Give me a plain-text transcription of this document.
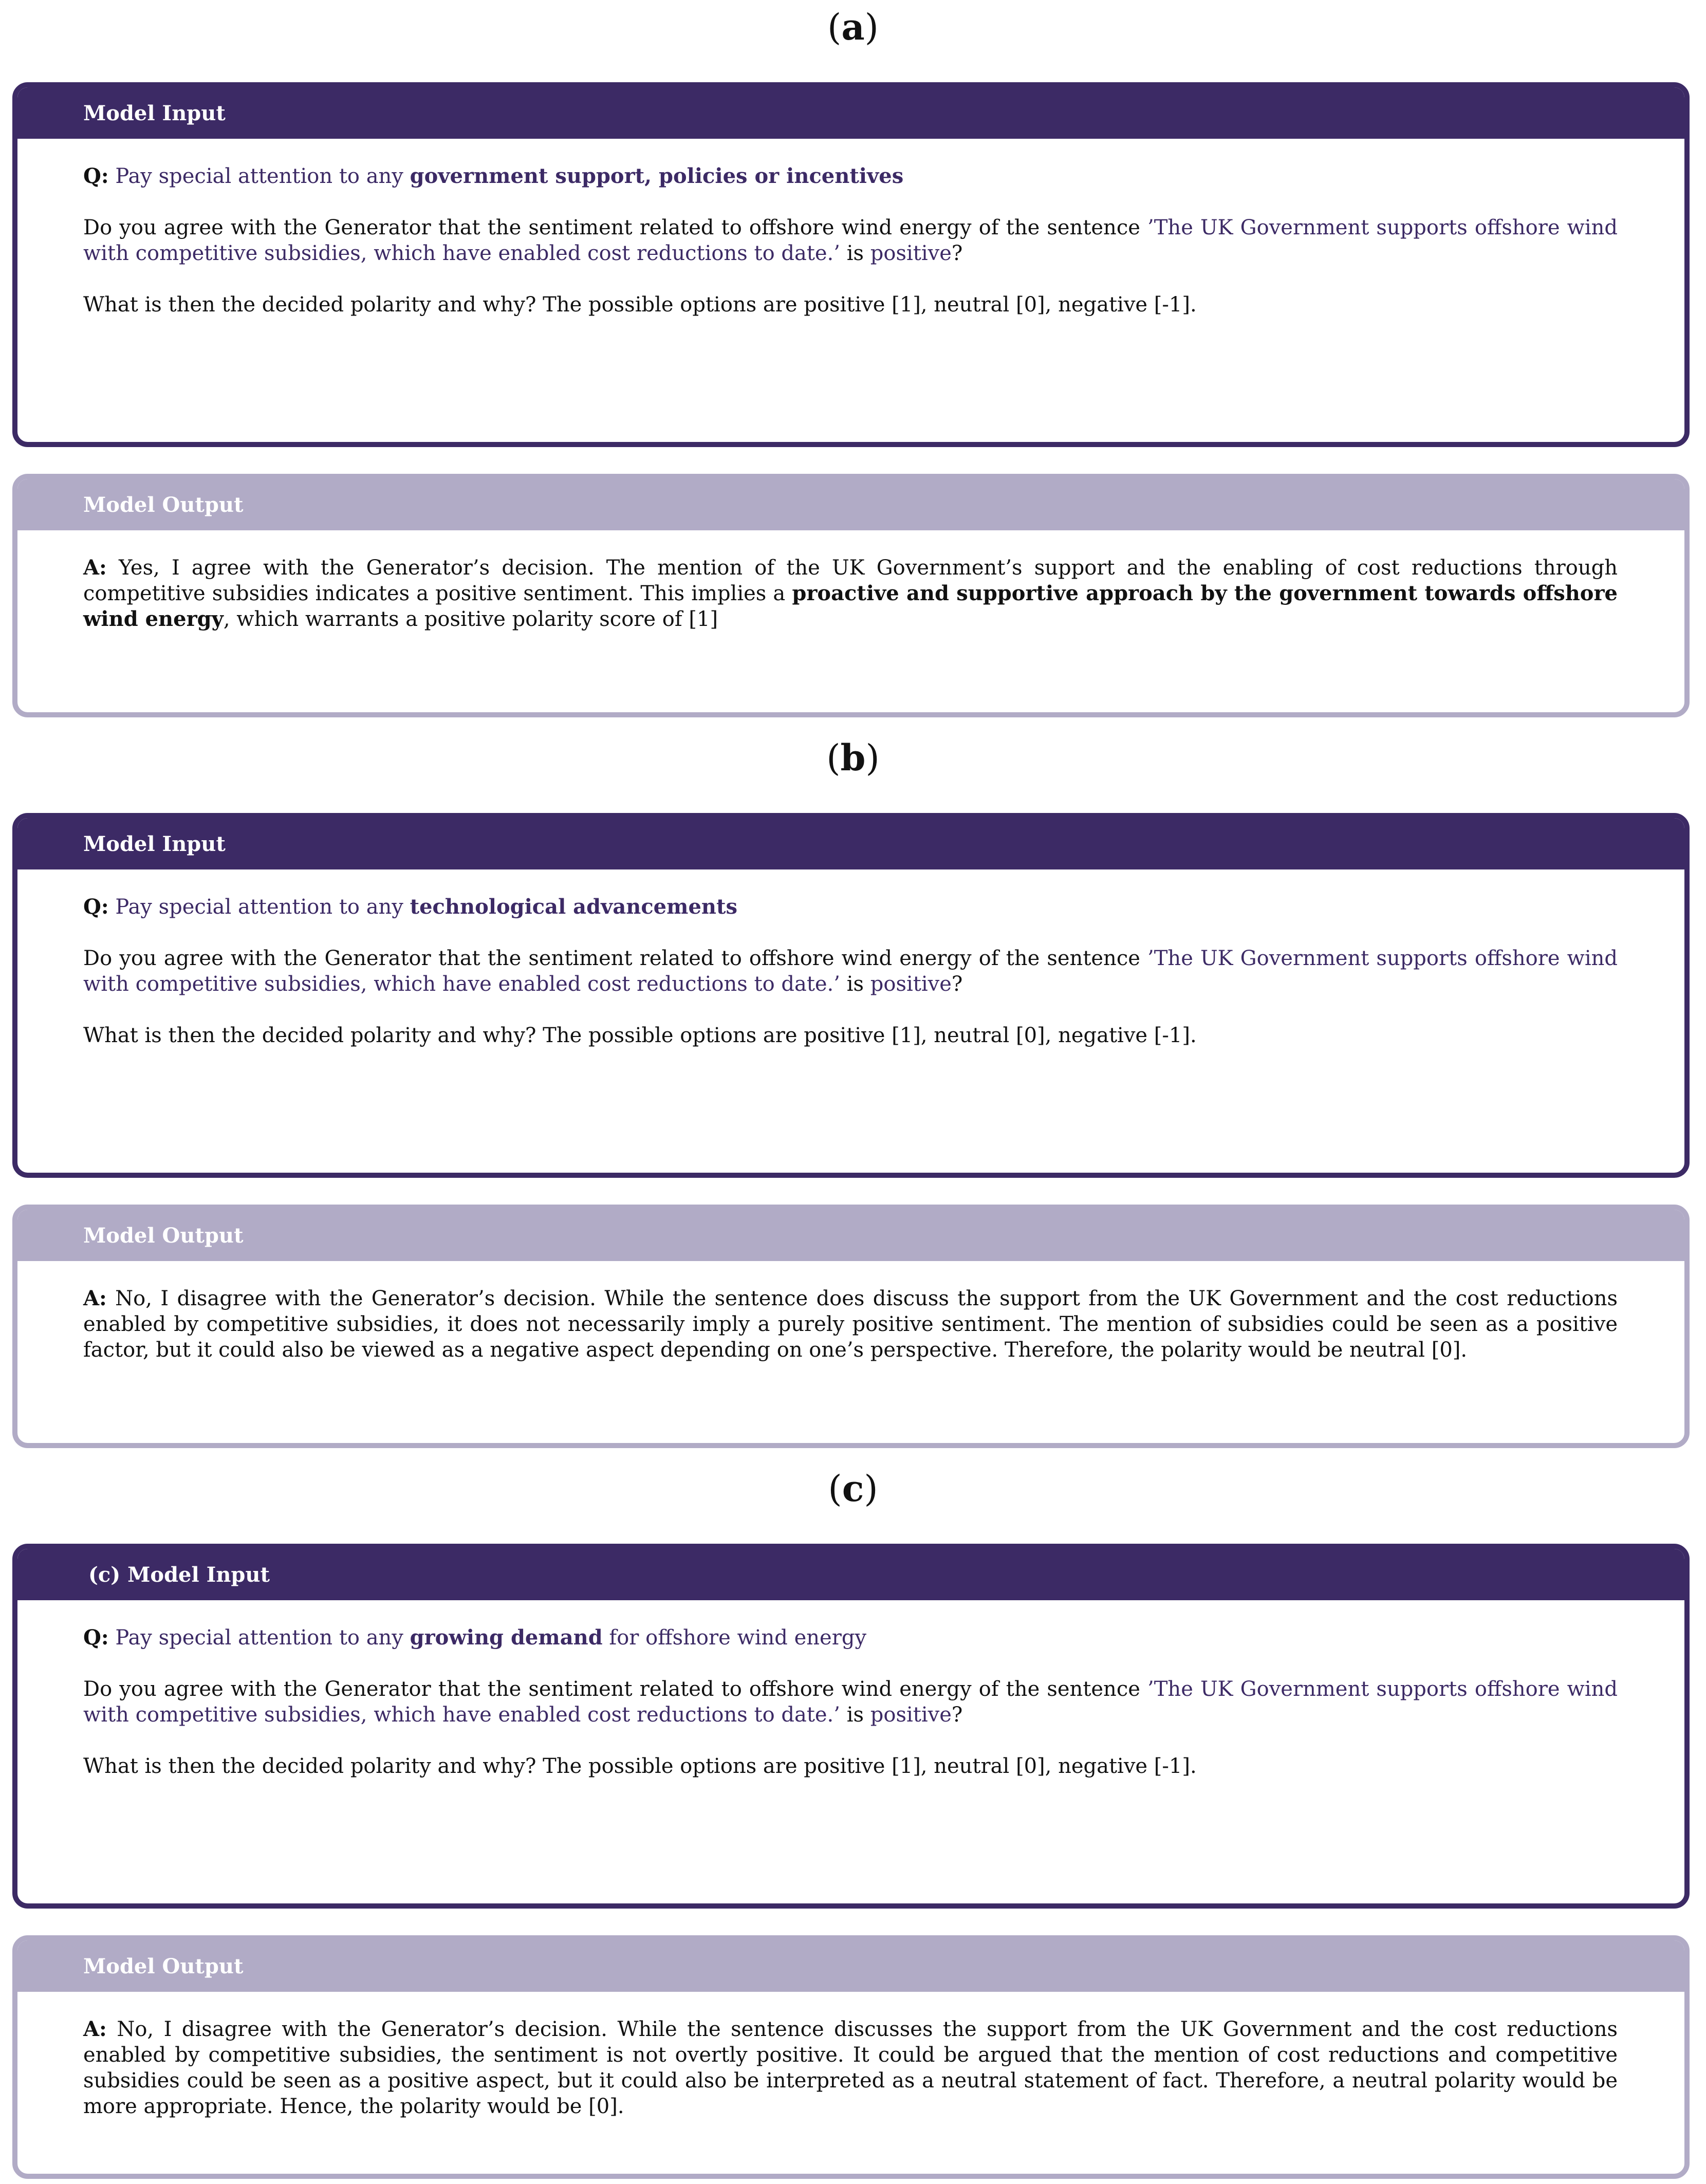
(a)
Model Input

Q: Pay special attention to any government support, policies or incentives

Do you agree with the Generator that the sentiment related to offshore wind energy of the sentence ’The UK Government supports offshore wind with competitive subsidies, which have enabled cost reductions to date.’ is positive?

What is then the decided polarity and why? The possible options are positive [1], neutral [0], negative [-1].

Model Output

A: Yes, I agree with the Generator’s decision. The mention of the UK Government’s support and the enabling of cost reductions through competitive subsidies indicates a positive sentiment. This implies a proactive and supportive approach by the government towards offshore wind energy, which warrants a positive polarity score of [1]

(b)
Model Input

Q: Pay special attention to any technological advancements

Do you agree with the Generator that the sentiment related to offshore wind energy of the sentence ’The UK Government supports offshore wind with competitive subsidies, which have enabled cost reductions to date.’ is positive?

What is then the decided polarity and why? The possible options are positive [1], neutral [0], negative [-1].

Model Output

A: No, I disagree with the Generator’s decision. While the sentence does discuss the support from the UK Government and the cost reductions enabled by competitive subsidies, it does not necessarily imply a purely positive sentiment. The mention of subsidies could be seen as a positive factor, but it could also be viewed as a negative aspect depending on one’s perspective. Therefore, the polarity would be neutral [0].

(c)
(c) Model Input

Q: Pay special attention to any growing demand for offshore wind energy

Do you agree with the Generator that the sentiment related to offshore wind energy of the sentence ’The UK Government supports offshore wind with competitive subsidies, which have enabled cost reductions to date.’ is positive?

What is then the decided polarity and why? The possible options are positive [1], neutral [0], negative [-1].

Model Output

A: No, I disagree with the Generator’s decision. While the sentence discusses the support from the UK Government and the cost reductions enabled by competitive subsidies, the sentiment is not overtly positive. It could be argued that the mention of cost reductions and competitive subsidies could be seen as a positive aspect, but it could also be interpreted as a neutral statement of fact. Therefore, a neutral polarity would be more appropriate. Hence, the polarity would be [0].
